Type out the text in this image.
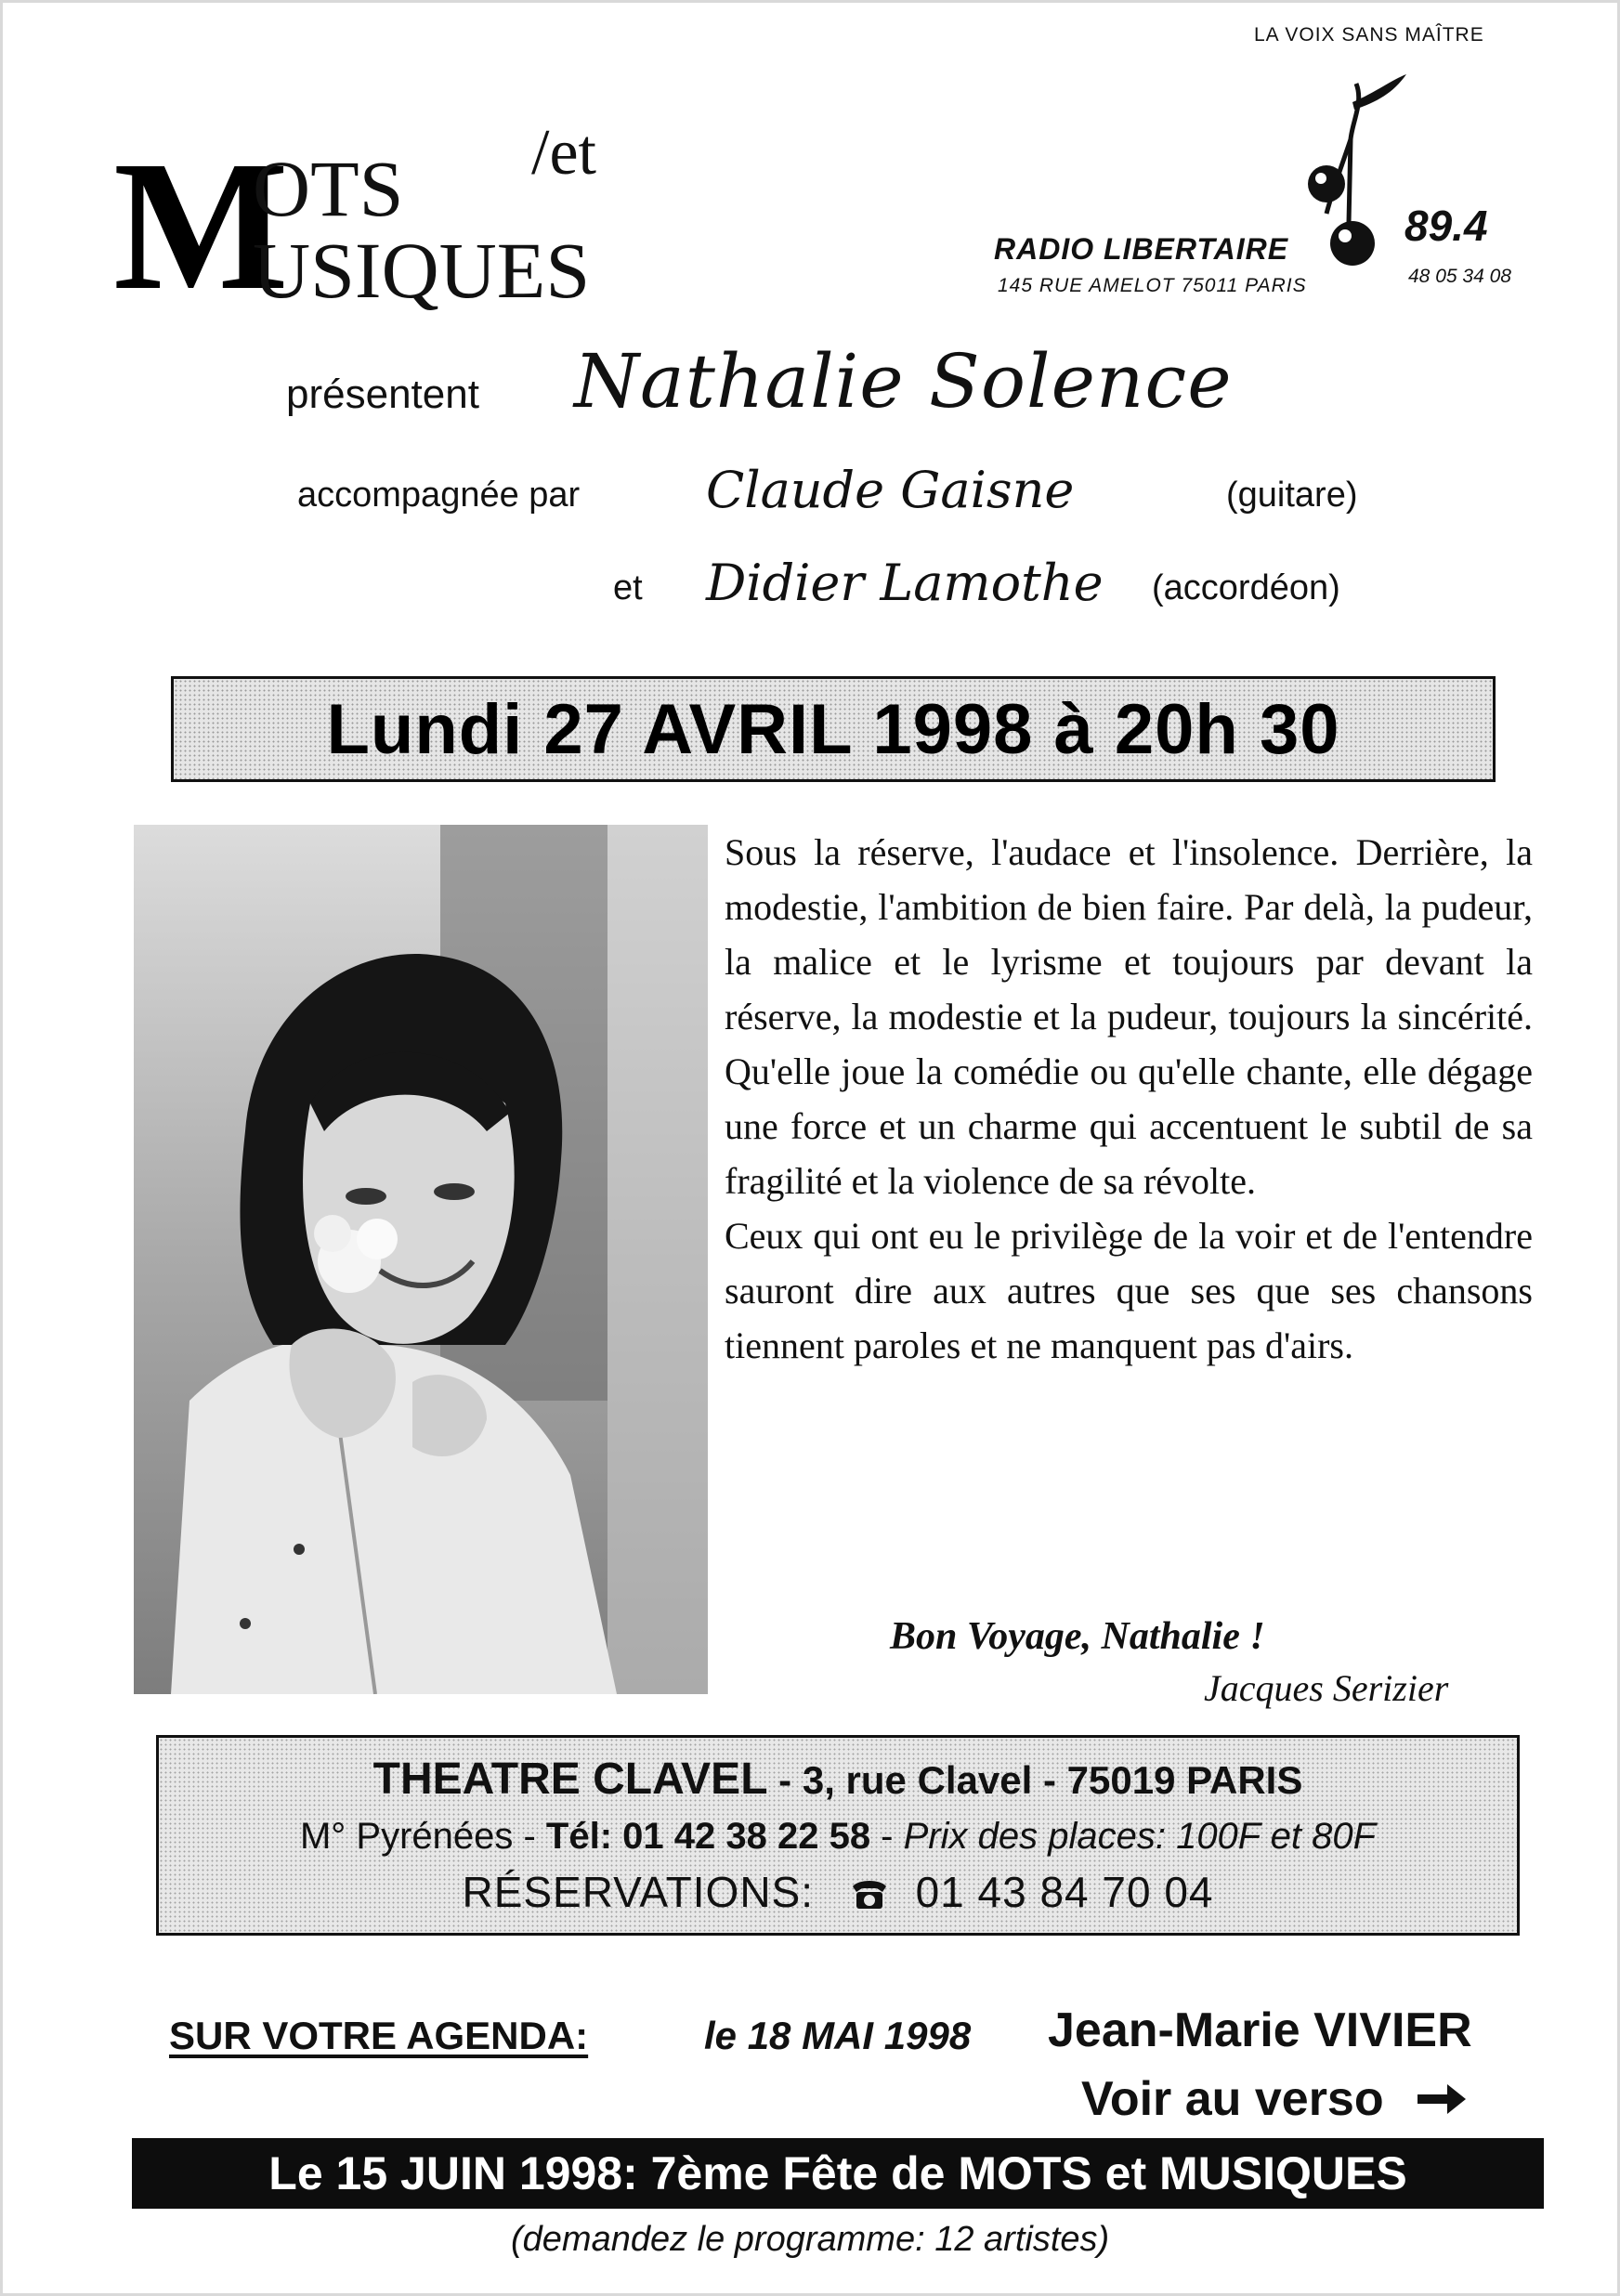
LA VOIX SANS MAÎTRE
M
OTS
USIQUES
/et
RADIO LIBERTAIRE
145 RUE AMELOT 75011 PARIS
89.4
48 05 34 08
présentent Nathalie Solence
accompagnée par	Claude Gaisne	(guitare)
et Didier Lamothe (accordéon)
Lundi 27 AVRIL 1998 à 20h 30

Sous la réserve, l'audace et l'insolence. Derrière, la modestie, l'ambition de bien faire. Par delà, la pudeur, la malice et le lyrisme et toujours par devant la réserve, la modestie et la pudeur, toujours la sincérité. Qu'elle joue la comédie ou qu'elle chante, elle dégage une force et un charme qui accentuent le subtil de sa fragilité et la violence de sa révolte.

Ceux qui ont eu le privilège de la voir et de l'entendre sauront dire aux autres que ses que ses chansons tiennent paroles et ne manquent pas d'airs.

Bon Voyage, Nathalie !
Jacques Serizier
THEATRE CLAVEL - 3, rue Clavel - 75019 PARIS
M° Pyrénées - Tél: 01 42 38 22 58 - Prix des places: 100F et 80F
RÉSERVATIONS: 01 43 84 70 04
SUR VOTRE AGENDA:	le 18 MAI 1998 Jean-Marie VIVIER
Voir au verso
Le 15 JUIN 1998: 7ème Fête de MOTS et MUSIQUES
(demandez le programme: 12 artistes)
